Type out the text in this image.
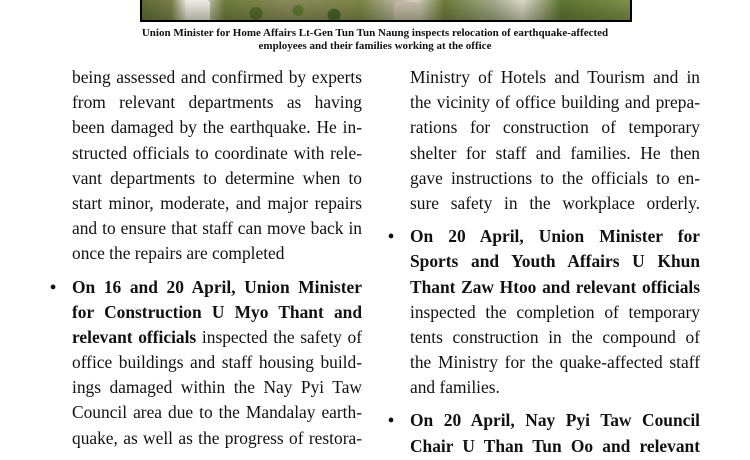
Union Minister for Home Affairs Lt-Gen Tun Tun Naung inspects relocation of earthquake-affected
employees and their families working at the office
being assessed and confirmed by experts
from relevant departments as having
been damaged by the earthquake. He in-
structed officials to coordinate with rele-
vant departments to determine when to
start minor, moderate, and major repairs
and to ensure that staff can move back in
once the repairs are completed
• On 16 and 20 April, Union Minister
for Construction U Myo Thant and
relevant officials inspected the safety of
office buildings and staff housing build-
ings damaged within the Nay Pyi Taw
Council area due to the Mandalay earth-
quake, as well as the progress of restora-
Ministry of Hotels and Tourism and in
the vicinity of office building and prepa-
rations for construction of temporary
shelter for staff and families. He then
gave instructions to the officials to en-
sure safety in the workplace orderly.
• On 20 April, Union Minister for
Sports and Youth Affairs U Khun
Thant Zaw Htoo and relevant officials
inspected the completion of temporary
tents construction in the compound of
the Ministry for the quake-affected staff
and families.
• On 20 April, Nay Pyi Taw Council
Chair U Than Tun Oo and relevant
